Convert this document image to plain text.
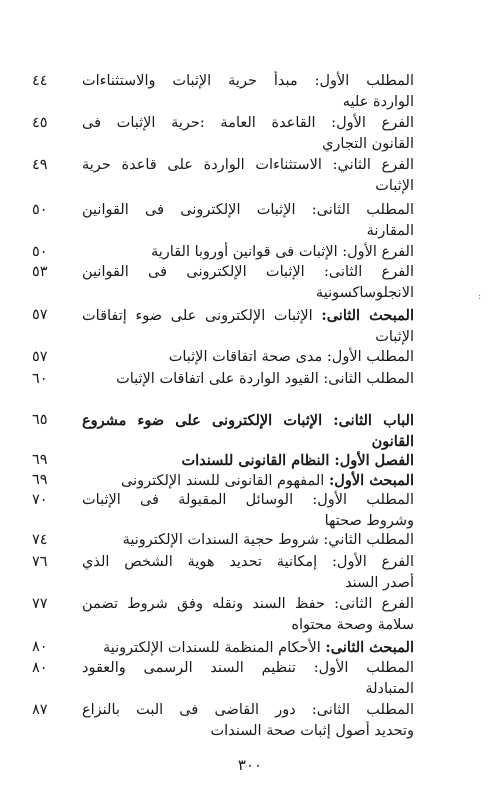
المطلب الأول: مبدأ حرية الإثبات والاستثناءات
الواردة عليه
٤٤
الفرع الأول: القاعدة العامة :حرية الإثبات فى
القانون التجاري
٤٥
الفرع الثاني: الاستثناءات الواردة على قاعدة حرية
الإثبات
٤٩
المطلب الثانى: الإثبات الإلكترونى فى القوانين
المقارنة
٥٠
الفرع الأول: الإثبات فى قوانين أوروبا القارية
٥٠
الفرع الثانى: الإثبات الإلكترونى فى القوانين
الانجلوساكسونية
٥٣
المبحث الثانى: الإثبات الإلكترونى على ضوء إتفاقات
الإثبات
٥٧
المطلب الأول: مدى صحة اتفاقات الإثبات
٥٧
المطلب الثانى: القيود الواردة على اتفاقات الإثبات
٦٠
الباب الثانى: الإثبات الإلكترونى على ضوء مشروع
القانون
٦٥
الفصل الأول: النظام القانونى للسندات
٦٩
المبحث الأول: المفهوم القانونى للسند الإلكترونى
٦٩
المطلب الأول: الوسائل المقبولة فى الإثبات
وشروط صحتها
٧٠
المطلب الثاني: شروط حجية السندات الإلكترونية
٧٤
الفرع الأول: إمكانية تحديد هوية الشخص الذي
أصدر السند
٧٦
الفرع الثانى: حفظ السند ونقله وفق شروط تضمن
سلامة وصحة محتواه
٧٧
المبحث الثانى: الأحكام المنظمة للسندات الإلكترونية
٨٠
المطلب الأول: تنظيم السند الرسمى والعقود
المتبادلة
٨٠
المطلب الثانى: دور القاضى فى البت بالنزاع
وتحديد أصول إثبات صحة السندات
٨٧
:
٣٠٠
